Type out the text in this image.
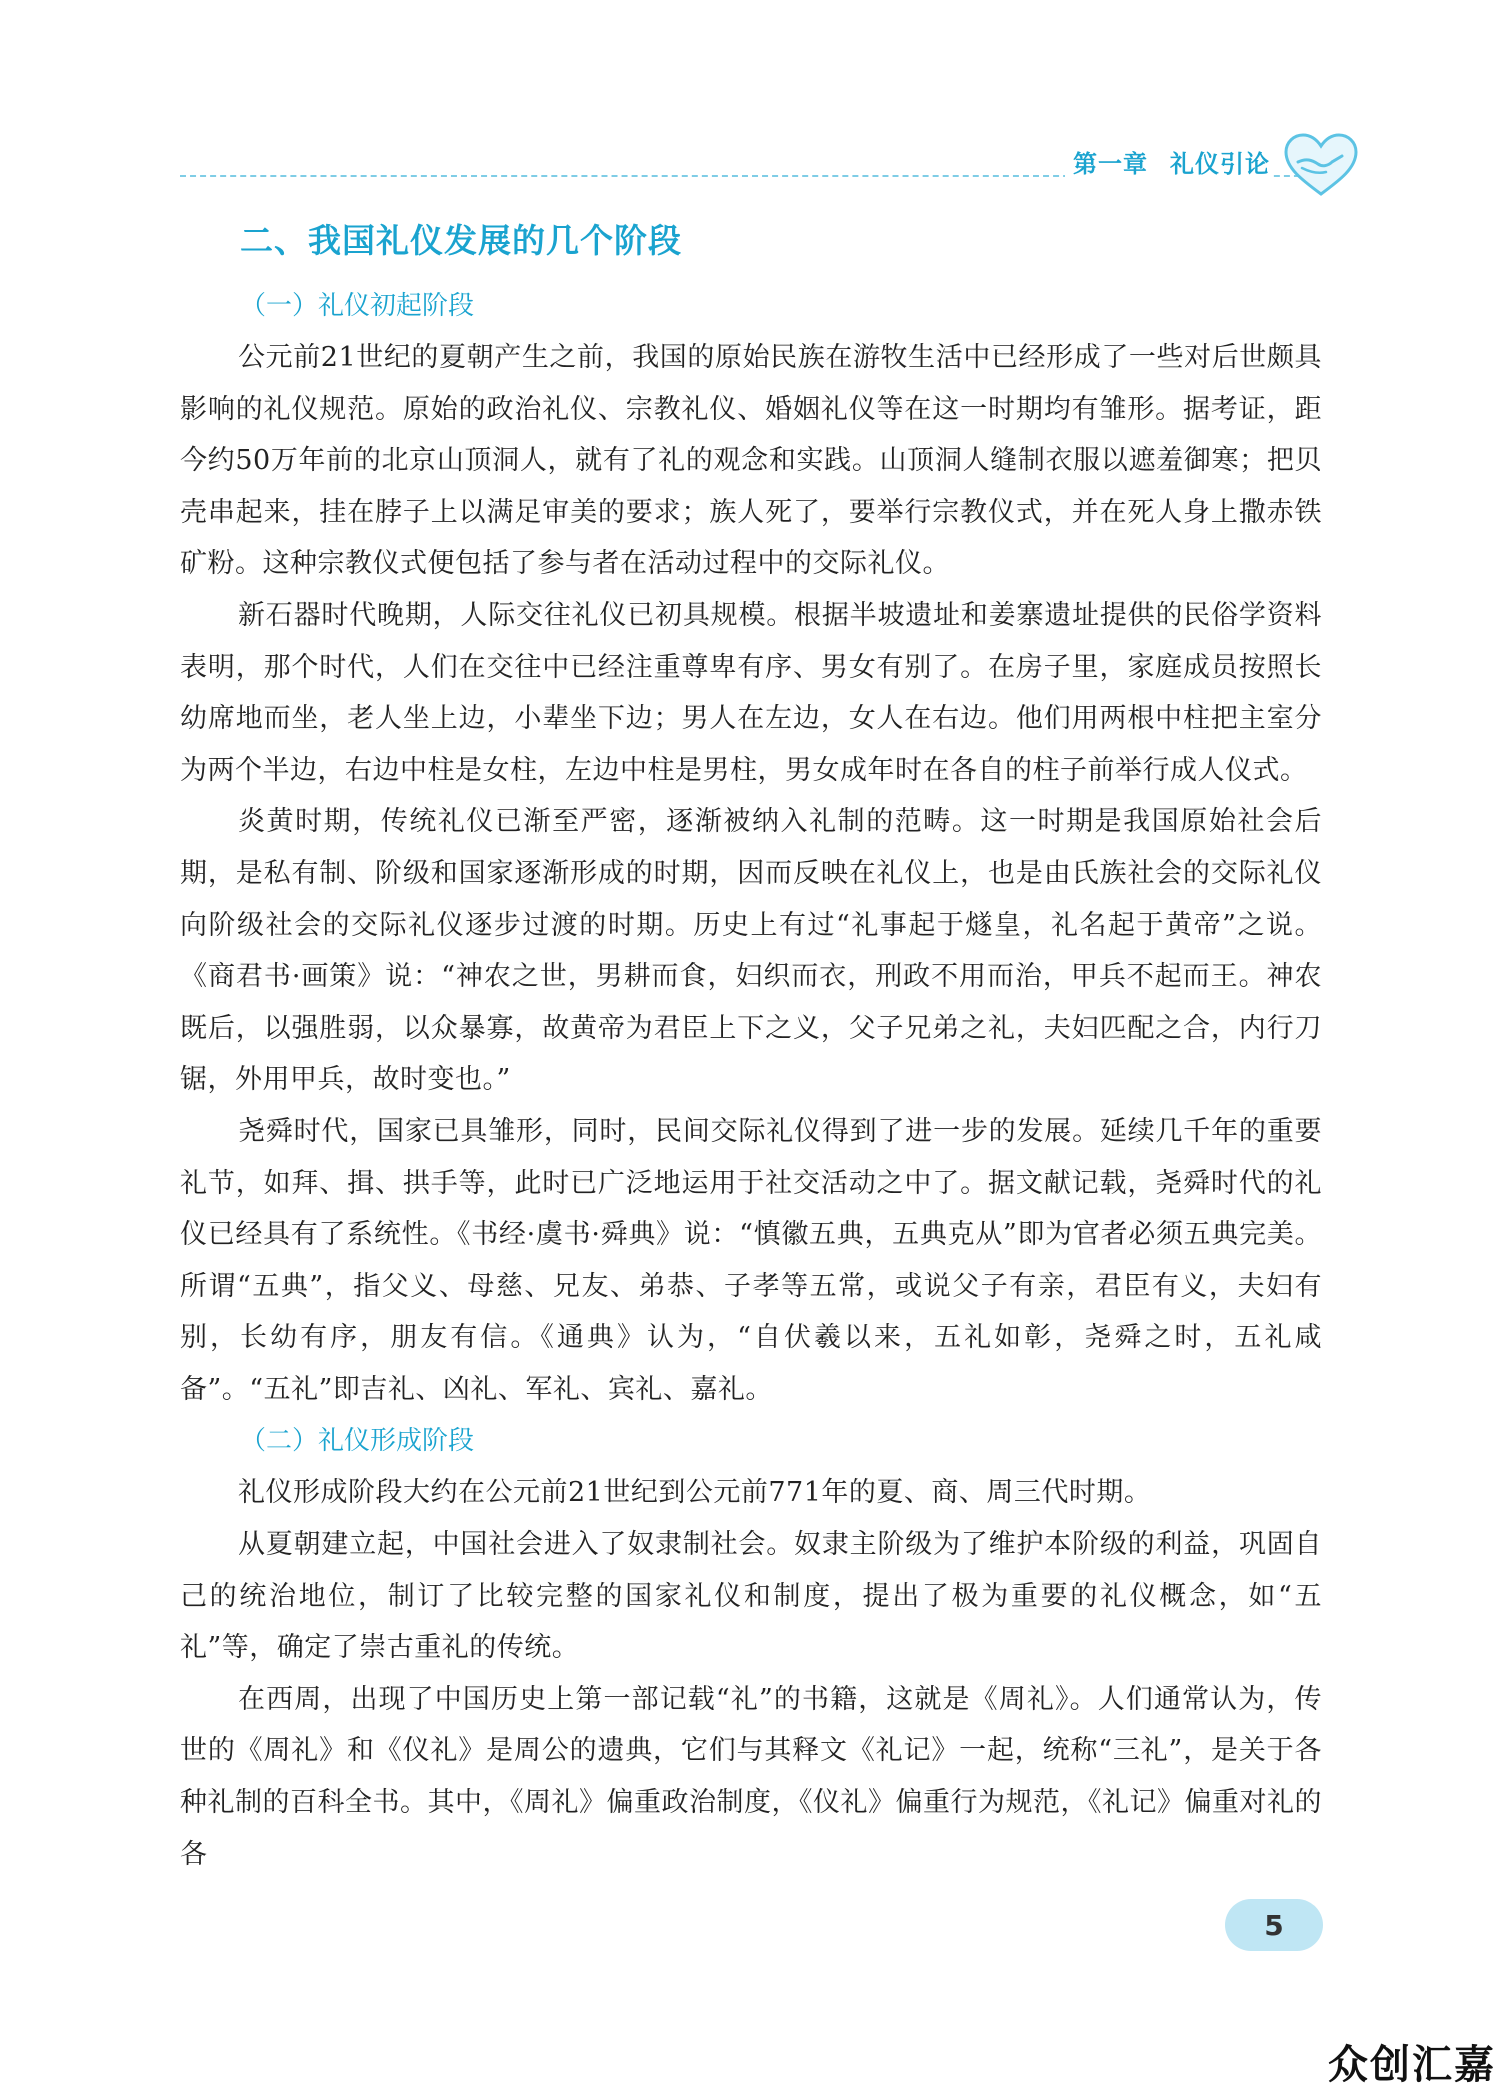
第一章 礼仪引论
二、我国礼仪发展的几个阶段
（一）礼仪初起阶段

公元前21世纪的夏朝产生之前，我国的原始民族在游牧生活中已经形成了一些对后世颇具影响的礼仪规范。原始的政治礼仪、宗教礼仪、婚姻礼仪等在这一时期均有雏形。据考证，距今约50万年前的北京山顶洞人，就有了礼的观念和实践。山顶洞人缝制衣服以遮羞御寒；把贝壳串起来，挂在脖子上以满足审美的要求；族人死了，要举行宗教仪式，并在死人身上撒赤铁矿粉。这种宗教仪式便包括了参与者在活动过程中的交际礼仪。

新石器时代晚期，人际交往礼仪已初具规模。根据半坡遗址和姜寨遗址提供的民俗学资料表明，那个时代，人们在交往中已经注重尊卑有序、男女有别了。在房子里，家庭成员按照长幼席地而坐，老人坐上边，小辈坐下边；男人在左边，女人在右边。他们用两根中柱把主室分为两个半边，右边中柱是女柱，左边中柱是男柱，男女成年时在各自的柱子前举行成人仪式。

炎黄时期，传统礼仪已渐至严密，逐渐被纳入礼制的范畴。这一时期是我国原始社会后期，是私有制、阶级和国家逐渐形成的时期，因而反映在礼仪上，也是由氏族社会的交际礼仪向阶级社会的交际礼仪逐步过渡的时期。历史上有过“礼事起于燧皇，礼名起于黄帝”之说。《商君书·画策》说：“神农之世，男耕而食，妇织而衣，刑政不用而治，甲兵不起而王。神农既后，以强胜弱，以众暴寡，故黄帝为君臣上下之义，父子兄弟之礼，夫妇匹配之合，内行刀锯，外用甲兵，故时变也。”

尧舜时代，国家已具雏形，同时，民间交际礼仪得到了进一步的发展。延续几千年的重要礼节，如拜、揖、拱手等，此时已广泛地运用于社交活动之中了。据文献记载，尧舜时代的礼仪已经具有了系统性。《书经·虞书·舜典》说：“慎徽五典，五典克从”即为官者必须五典完美。所谓“五典”，指父义、母慈、兄友、弟恭、子孝等五常，或说父子有亲，君臣有义，夫妇有别，长幼有序，朋友有信。《通典》认为，“自伏羲以来，五礼如彰，尧舜之时，五礼咸备”。“五礼”即吉礼、凶礼、军礼、宾礼、嘉礼。

（二）礼仪形成阶段

礼仪形成阶段大约在公元前21世纪到公元前771年的夏、商、周三代时期。

从夏朝建立起，中国社会进入了奴隶制社会。奴隶主阶级为了维护本阶级的利益，巩固自己的统治地位，制订了比较完整的国家礼仪和制度，提出了极为重要的礼仪概念，如“五礼”等，确定了崇古重礼的传统。

在西周，出现了中国历史上第一部记载“礼”的书籍，这就是《周礼》。人们通常认为，传世的《周礼》和《仪礼》是周公的遗典，它们与其释文《礼记》一起，统称“三礼”，是关于各种礼制的百科全书。其中，《周礼》偏重政治制度，《仪礼》偏重行为规范，《礼记》偏重对礼的各

5
众创汇嘉
